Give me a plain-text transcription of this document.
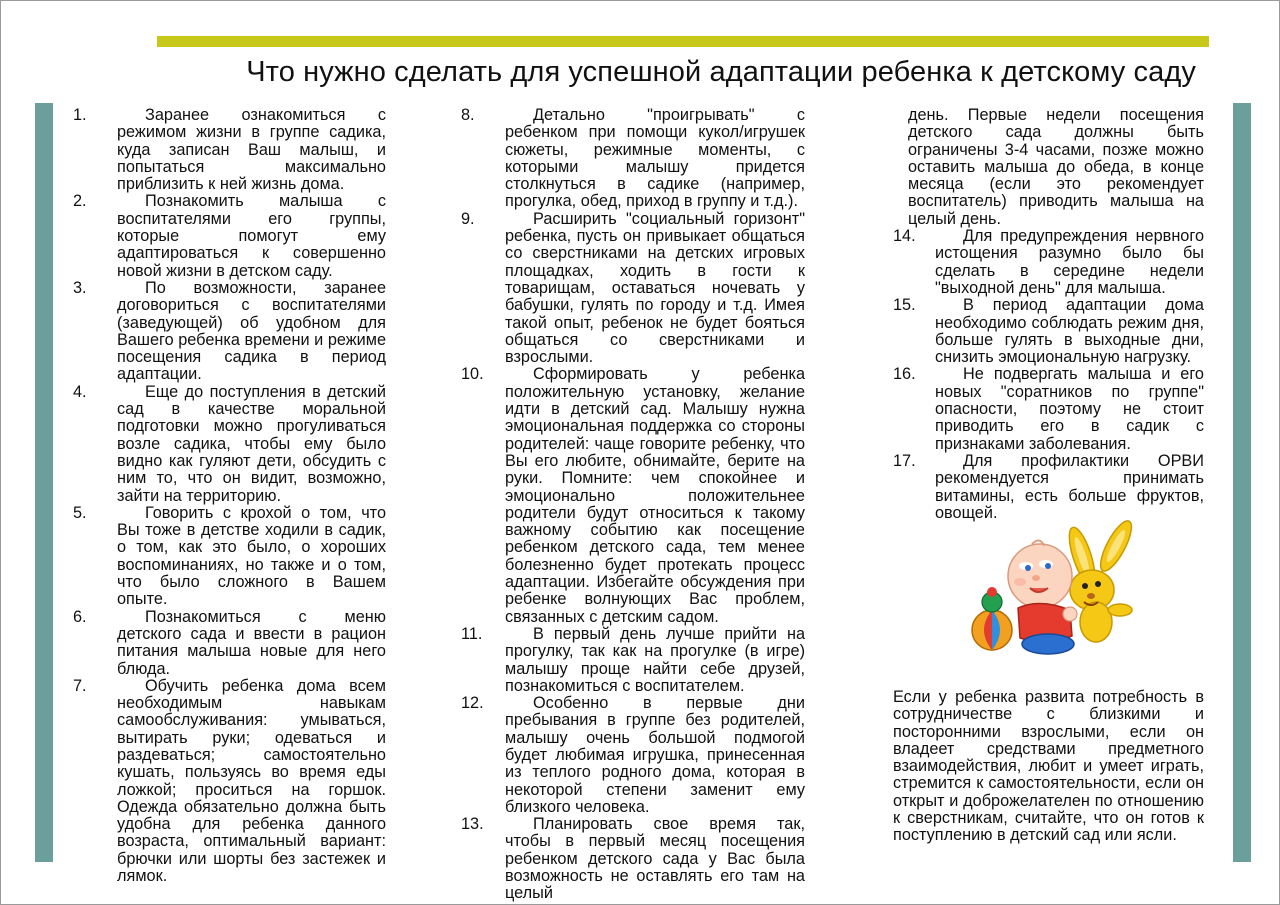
Что нужно сделать для успешной адаптации ребенка к детскому саду
1.	Заранее ознакомиться с режимом жизни в группе садика, куда записан Ваш малыш, и попытаться максимально приблизить к ней жизнь дома.
2.	Познакомить малыша с воспитателями его группы, которые помогут ему адаптироваться к совершенно новой жизни в детском саду.
3.	По возможности, заранее договориться с воспитателями (заведующей) об удобном для Вашего ребенка времени и режиме посещения садика в период адаптации.
4.	Еще до поступления в детский сад в качестве моральной подготовки можно прогуливаться возле садика, чтобы ему было видно как гуляют дети, обсудить с ним то, что он видит, возможно, зайти на территорию.
5.	Говорить с крохой о том, что Вы тоже в детстве ходили в садик, о том, как это было, о хороших воспоминаниях, но также и о том, что было сложного в Вашем опыте.
6.	Познакомиться с меню детского сада и ввести в рацион питания малыша новые для него блюда.
7.	Обучить ребенка дома всем необходимым навыкам самообслуживания: умываться, вытирать руки; одеваться и раздеваться; самостоятельно кушать, пользуясь во время еды ложкой; проситься на горшок. Одежда обязательно должна быть удобна для ребенка данного возраста, оптимальный вариант: брючки или шорты без застежек и лямок.
8.	Детально "проигрывать" с ребенком при помощи кукол/игрушек сюжеты, режимные моменты, с которыми малышу придется столкнуться в садике (например, прогулка, обед, приход в группу и т.д.).
9.	Расширить "социальный горизонт" ребенка, пусть он привыкает общаться со сверстниками на детских игровых площадках, ходить в гости к товарищам, оставаться ночевать у бабушки, гулять по городу и т.д. Имея такой опыт, ребенок не будет бояться общаться со сверстниками и взрослыми.
10.	Сформировать у ребенка положительную установку, желание идти в детский сад. Малышу нужна эмоциональная поддержка со стороны родителей: чаще говорите ребенку, что Вы его любите, обнимайте, берите на руки. Помните: чем спокойнее и эмоционально положительнее родители будут относиться к такому важному событию как посещение ребенком детского сада, тем менее болезненно будет протекать процесс адаптации. Избегайте обсуждения при ребенке волнующих Вас проблем, связанных с детским садом.
11.	В первый день лучше прийти на прогулку, так как на прогулке (в игре) малышу проще найти себе друзей, познакомиться с воспитателем.
12.	Особенно в первые дни пребывания в группе без родителей, малышу очень большой подмогой будет любимая игрушка, принесенная из теплого родного дома, которая в некоторой степени заменит ему близкого человека.
13.	Планировать свое время так, чтобы в первый месяц посещения ребенком детского сада у Вас была возможность не оставлять его там на целый
день. Первые недели посещения детского сада должны быть ограничены 3-4 часами, позже можно оставить малыша до обеда, в конце месяца (если это рекомендует воспитатель) приводить малыша на целый день.
14.	Для предупреждения нервного истощения разумно было бы сделать в середине недели "выходной день" для малыша.
15.	В период адаптации дома необходимо соблюдать режим дня, больше гулять в выходные дни, снизить эмоциональную нагрузку.
16.	Не подвергать малыша и его новых "соратников по группе" опасности, поэтому не стоит приводить его в садик с признаками заболевания.
17.	Для профилактики ОРВИ рекомендуется принимать витамины, есть больше фруктов, овощей.
Если у ребенка развита потребность в сотрудничестве с близкими и посторонними взрослыми, если он владеет средствами предметного взаимодействия, любит и умеет играть, стремится к самостоятельности, если он открыт и доброжелателен по отношению к сверстникам, считайте, что он готов к поступлению в детский сад или ясли.
